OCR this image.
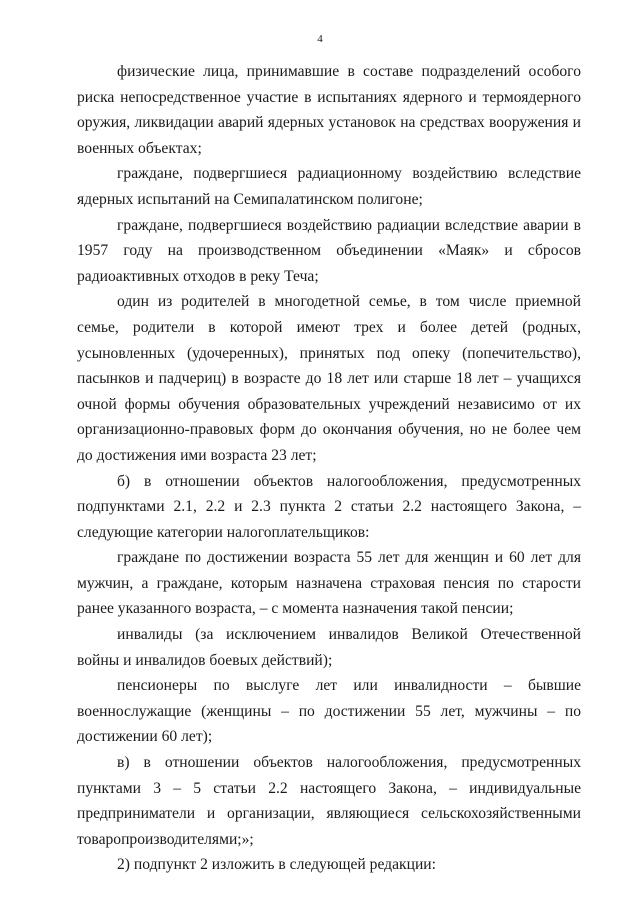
4

физические лица, принимавшие в составе подразделений особого риска непосредственное участие в испытаниях ядерного и термоядерного оружия, ликвидации аварий ядерных установок на средствах вооружения и военных объектах;

граждане, подвергшиеся радиационному воздействию вследствие ядерных испытаний на Семипалатинском полигоне;

граждане, подвергшиеся воздействию радиации вследствие аварии в 1957 году на производственном объединении «Маяк» и сбросов радиоактивных отходов в реку Теча;

один из родителей в многодетной семье, в том числе приемной семье, родители в которой имеют трех и более детей (родных, усыновленных (удочеренных), принятых под опеку (попечительство), пасынков и падчериц) в возрасте до 18 лет или старше 18 лет – учащихся очной формы обучения образовательных учреждений независимо от их организационно-правовых форм до окончания обучения, но не более чем до достижения ими возраста 23 лет;

б) в отношении объектов налогообложения, предусмотренных подпунктами 2.1, 2.2 и 2.3 пункта 2 статьи 2.2 настоящего Закона, – следующие категории налогоплательщиков:

граждане по достижении возраста 55 лет для женщин и 60 лет для мужчин, а граждане, которым назначена страховая пенсия по старости ранее указанного возраста, – с момента назначения такой пенсии;

инвалиды (за исключением инвалидов Великой Отечественной войны и инвалидов боевых действий);

пенсионеры по выслуге лет или инвалидности – бывшие военнослужащие (женщины – по достижении 55 лет, мужчины – по достижении 60 лет);

в) в отношении объектов налогообложения, предусмотренных пунктами 3 – 5 статьи 2.2 настоящего Закона, – индивидуальные предприниматели и организации, являющиеся сельскохозяйственными товаропроизводителями;»;

2) подпункт 2 изложить в следующей редакции:
